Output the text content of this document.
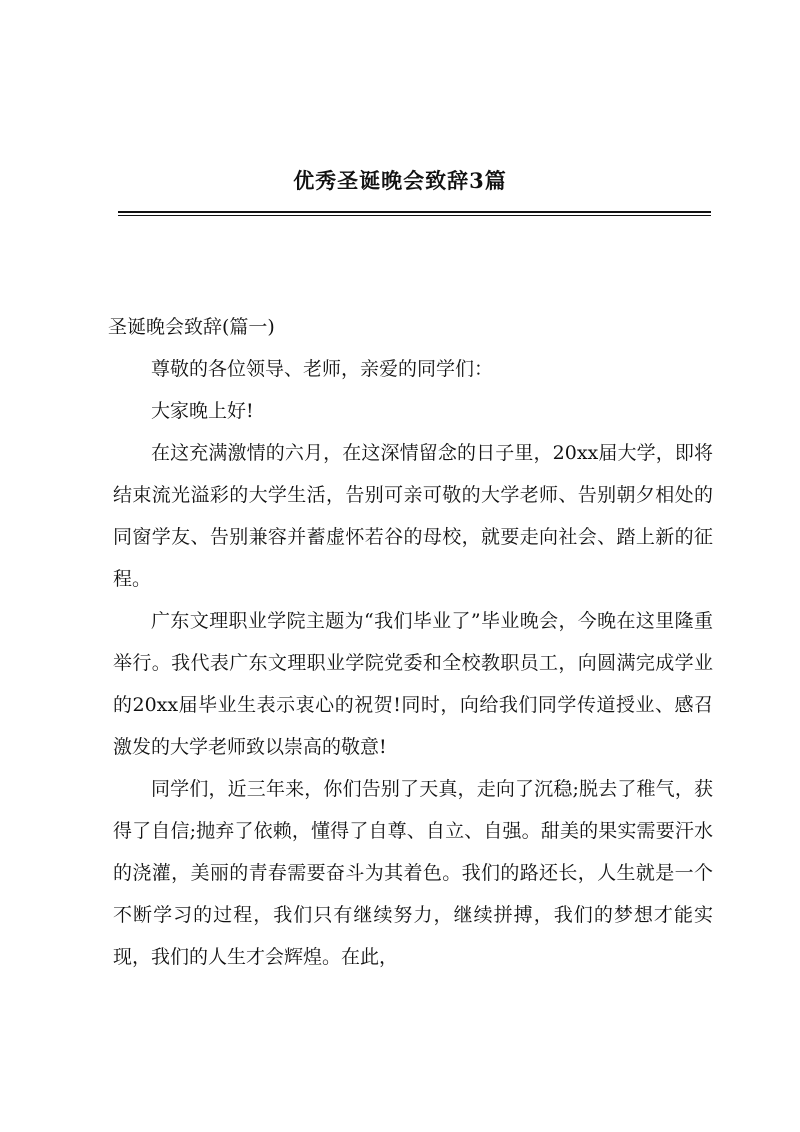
优秀圣诞晚会致辞3篇

圣诞晚会致辞(篇一)

尊敬的各位领导、老师，亲爱的同学们：

大家晚上好!

在这充满激情的六月，在这深情留念的日子里，20xx届大学，即将结束流光溢彩的大学生活，告别可亲可敬的大学老师、告别朝夕相处的同窗学友、告别兼容并蓄虚怀若谷的母校，就要走向社会、踏上新的征程。

广东文理职业学院主题为“我们毕业了”毕业晚会，今晚在这里隆重举行。我代表广东文理职业学院党委和全校教职员工，向圆满完成学业的20xx届毕业生表示衷心的祝贺!同时，向给我们同学传道授业、感召激发的大学老师致以崇高的敬意!

同学们，近三年来，你们告别了天真，走向了沉稳;脱去了稚气，获得了自信;抛弃了依赖，懂得了自尊、自立、自强。甜美的果实需要汗水的浇灌，美丽的青春需要奋斗为其着色。我们的路还长，人生就是一个不断学习的过程，我们只有继续努力，继续拼搏，我们的梦想才能实现，我们的人生才会辉煌。在此，
